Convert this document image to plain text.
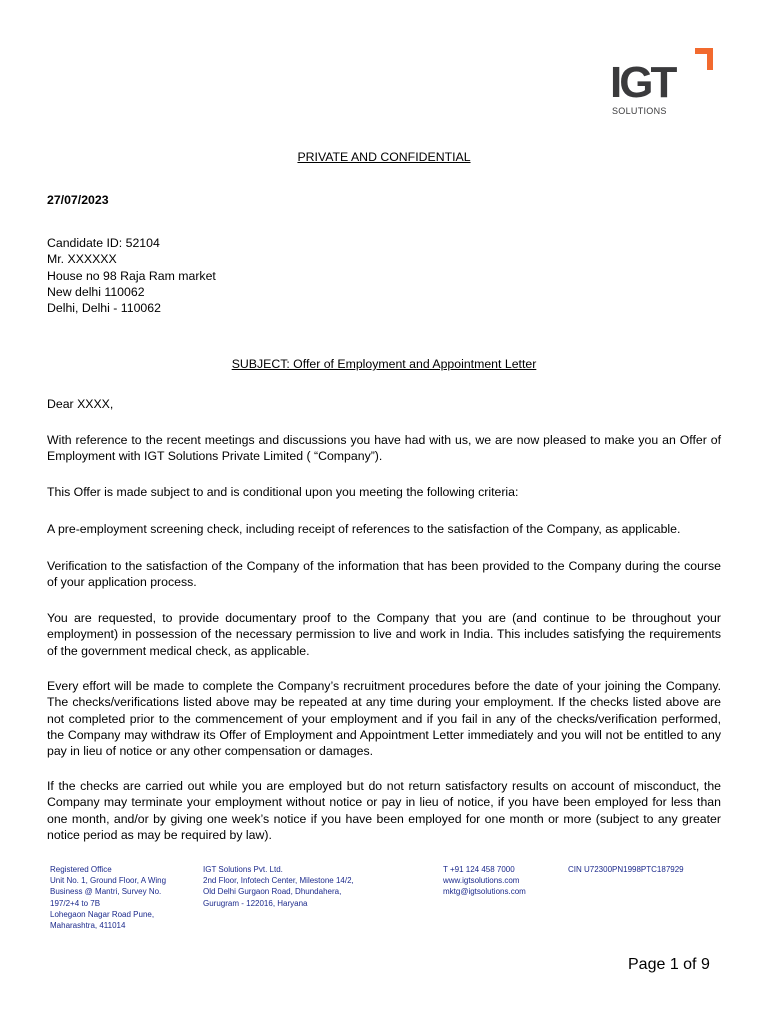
IGT
SOLUTIONS
PRIVATE AND CONFIDENTIAL
27/07/2023
Candidate ID: 52104
Mr. XXXXXX
House no 98 Raja Ram market
New delhi 110062
Delhi, Delhi - 110062
SUBJECT: Offer of Employment and Appointment Letter
Dear XXXX,
With reference to the recent meetings and discussions you have had with us, we are now pleased to make you an Offer of Employment with IGT Solutions Private Limited ( “Company”).
This Offer is made subject to and is conditional upon you meeting the following criteria:
A pre-employment screening check, including receipt of references to the satisfaction of the Company, as applicable.
Verification to the satisfaction of the Company of the information that has been provided to the Company during the course of your application process.
You are requested, to provide documentary proof to the Company that you are (and continue to be throughout your employment) in possession of the necessary permission to live and work in India. This includes satisfying the requirements of the government medical check, as applicable.
Every effort will be made to complete the Company’s recruitment procedures before the date of your joining the Company. The checks/verifications listed above may be repeated at any time during your employment. If the checks listed above are not completed prior to the commencement of your employment and if you fail in any of the checks/verification performed, the Company may withdraw its Offer of Employment and Appointment Letter immediately and you will not be entitled to any pay in lieu of notice or any other compensation or damages.
If the checks are carried out while you are employed but do not return satisfactory results on account of misconduct, the Company may terminate your employment without notice or pay in lieu of notice, if you have been employed for less than one month, and/or by giving one week’s notice if you have been employed for one month or more (subject to any greater notice period as may be required by law).
Registered Office
Unit No. 1, Ground Floor, A Wing
Business @ Mantri, Survey No.
197/2+4 to 7B
Lohegaon Nagar Road Pune,
Maharashtra, 411014
IGT Solutions Pvt. Ltd.
2nd Floor, Infotech Center, Milestone 14/2,
Old Delhi Gurgaon Road, Dhundahera,
Gurugram - 122016, Haryana
T +91 124 458 7000
www.igtsolutions.com
mktg@igtsolutions.com
CIN U72300PN1998PTC187929
Page 1 of 9
